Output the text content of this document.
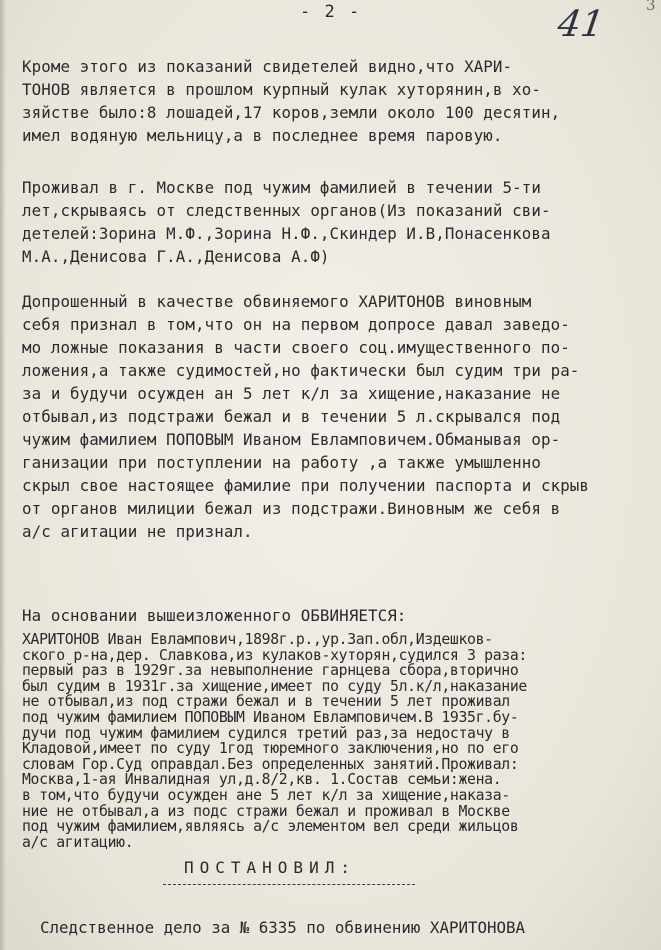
- 2 -	41	3
Кроме этого из показаний свидетелей видно,что ХАРИ-
ТОНОВ является в прошлом курпный кулак хуторянин,в хо-
зяйстве было:8 лошадей,17 коров,земли около 100 десятин,
имел водяную мельницу,а в последнее время паровую.
Проживал в г. Москве под чужим фамилией в течении 5-ти
лет,скрываясь от следственных органов(Из показаний сви-
детелей:Зорина М.Ф.,Зорина Н.Ф.,Скиндер И.В,Понасенкова
М.А.,Денисова Г.А.,Денисова А.Ф)
Допрошенный в качестве обвиняемого ХАРИТОНОВ виновным
себя признал в том,что он на первом допросе давал заведо-
мо ложные показания в части своего соц.имущественного по-
ложения,а также судимостей,но фактически был судим три ра-
за и будучи осужден ан 5 лет к/л за хищение,наказание не
отбывал,из подстражи бежал и в течении 5 л.скрывался под
чужим фамилием ПОПОВЫМ Иваном Евламповичем.Обманывая ор-
ганизации при поступлении на работу ,а также умышленно
скрыл свое настоящее фамилие при получении паспорта и скрыв
от органов милиции бежал из подстражи.Виновным же себя в
а/с агитации не признал.
На основании вышеизложенного ОБВИНЯЕТСЯ:
ХАРИТОНОВ Иван Евлампович,1898г.р.,ур.Зап.обл,Издешков-
ского р-на,дер. Славкова,из кулаков-хуторян,судился 3 раза:
первый раз в 1929г.за невыполнение гарнцева сбора,вторично
был судим в 1931г.за хищение,имеет по суду 5л.к/л,наказание
не отбывал,из под стражи бежал и в течении 5 лет проживал
под чужим фамилием ПОПОВЫМ Иваном Евламповичем.В 1935г.бу-
дучи под чужим фамилием судился третий раз,за недостачу в
Кладовой,имеет по суду 1год тюремного заключения,но по его
словам Гор.Суд оправдал.Без определенных занятий.Проживал:
Москва,1-ая Инвалидная ул,д.8/2,кв. 1.Состав семьи:жена.
в том,что будучи осужден ане 5 лет к/л за хищение,наказа-
ние не отбывал,а из подс стражи бежал и проживал в Москве
под чужим фамилием,являясь а/с элементом вел среди жильцов
а/с агитацию.
ПОСТАНОВИЛ:
Следственное дело за № 6335 по обвинению ХАРИТОНОВА
